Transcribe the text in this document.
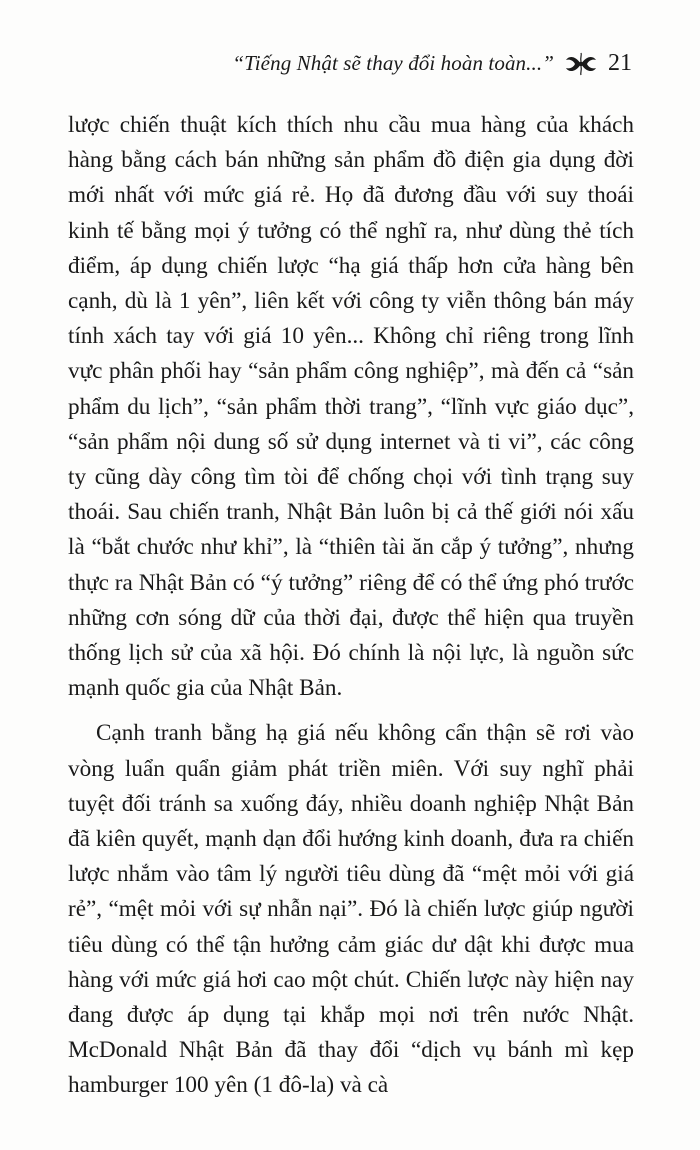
“Tiếng Nhật sẽ thay đổi hoàn toàn...” 21

lược chiến thuật kích thích nhu cầu mua hàng của khách hàng bằng cách bán những sản phẩm đồ điện gia dụng đời mới nhất với mức giá rẻ. Họ đã đương đầu với suy thoái kinh tế bằng mọi ý tưởng có thể nghĩ ra, như dùng thẻ tích điểm, áp dụng chiến lược “hạ giá thấp hơn cửa hàng bên cạnh, dù là 1 yên”, liên kết với công ty viễn thông bán máy tính xách tay với giá 10 yên... Không chỉ riêng trong lĩnh vực phân phối hay “sản phẩm công nghiệp”, mà đến cả “sản phẩm du lịch”, “sản phẩm thời trang”, “lĩnh vực giáo dục”, “sản phẩm nội dung số sử dụng internet và ti vi”, các công ty cũng dày công tìm tòi để chống chọi với tình trạng suy thoái. Sau chiến tranh, Nhật Bản luôn bị cả thế giới nói xấu là “bắt chước như khỉ”, là “thiên tài ăn cắp ý tưởng”, nhưng thực ra Nhật Bản có “ý tưởng” riêng để có thể ứng phó trước những cơn sóng dữ của thời đại, được thể hiện qua truyền thống lịch sử của xã hội. Đó chính là nội lực, là nguồn sức mạnh quốc gia của Nhật Bản.

Cạnh tranh bằng hạ giá nếu không cẩn thận sẽ rơi vào vòng luẩn quẩn giảm phát triền miên. Với suy nghĩ phải tuyệt đối tránh sa xuống đáy, nhiều doanh nghiệp Nhật Bản đã kiên quyết, mạnh dạn đổi hướng kinh doanh, đưa ra chiến lược nhắm vào tâm lý người tiêu dùng đã “mệt mỏi với giá rẻ”, “mệt mỏi với sự nhẫn nại”. Đó là chiến lược giúp người tiêu dùng có thể tận hưởng cảm giác dư dật khi được mua hàng với mức giá hơi cao một chút. Chiến lược này hiện nay đang được áp dụng tại khắp mọi nơi trên nước Nhật. McDonald Nhật Bản đã thay đổi “dịch vụ bánh mì kẹp hamburger 100 yên (1 đô-la) và cà
